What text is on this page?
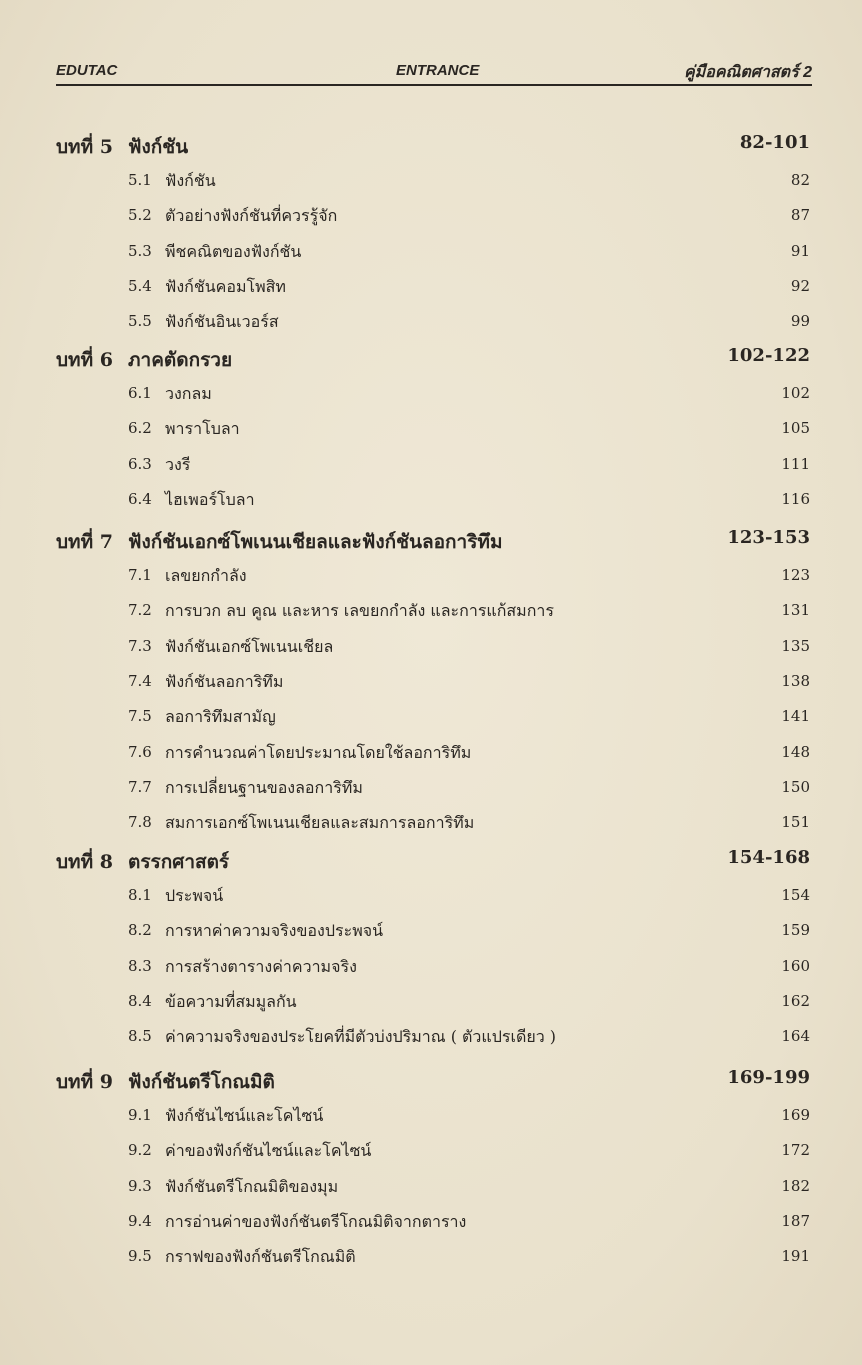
EDUTAC	ENTRANCE	คู่มือคณิตศาสตร์ 2
บทที่ 5 ฟังก์ชัน	82-101
5.1 ฟังก์ชัน	82
5.2 ตัวอย่างฟังก์ชันที่ควรรู้จัก	87
5.3 พีชคณิตของฟังก์ชัน	91
5.4 ฟังก์ชันคอมโพสิท	92
5.5 ฟังก์ชันอินเวอร์ส	99
บทที่ 6 ภาคตัดกรวย	102-122
6.1 วงกลม	102
6.2 พาราโบลา	105
6.3 วงรี	111
6.4 ไฮเพอร์โบลา	116
บทที่ 7 ฟังก์ชันเอกซ์โพเนนเชียลและฟังก์ชันลอการิทึม	123-153
7.1 เลขยกกำลัง	123
7.2 การบวก ลบ คูณ และหาร เลขยกกำลัง และการแก้สมการ	131
7.3 ฟังก์ชันเอกซ์โพเนนเชียล	135
7.4 ฟังก์ชันลอการิทึม	138
7.5 ลอการิทึมสามัญ	141
7.6 การคำนวณค่าโดยประมาณโดยใช้ลอการิทึม	148
7.7 การเปลี่ยนฐานของลอการิทึม	150
7.8 สมการเอกซ์โพเนนเชียลและสมการลอการิทึม	151
บทที่ 8 ตรรกศาสตร์	154-168
8.1 ประพจน์	154
8.2 การหาค่าความจริงของประพจน์	159
8.3 การสร้างตารางค่าความจริง	160
8.4 ข้อความที่สมมูลกัน	162
8.5 ค่าความจริงของประโยคที่มีตัวบ่งปริมาณ ( ตัวแปรเดียว )	164
บทที่ 9 ฟังก์ชันตรีโกณมิติ	169-199
9.1 ฟังก์ชันไซน์และโคไซน์	169
9.2 ค่าของฟังก์ชันไซน์และโคไซน์	172
9.3 ฟังก์ชันตรีโกณมิติของมุม	182
9.4 การอ่านค่าของฟังก์ชันตรีโกณมิติจากตาราง	187
9.5 กราฟของฟังก์ชันตรีโกณมิติ	191
